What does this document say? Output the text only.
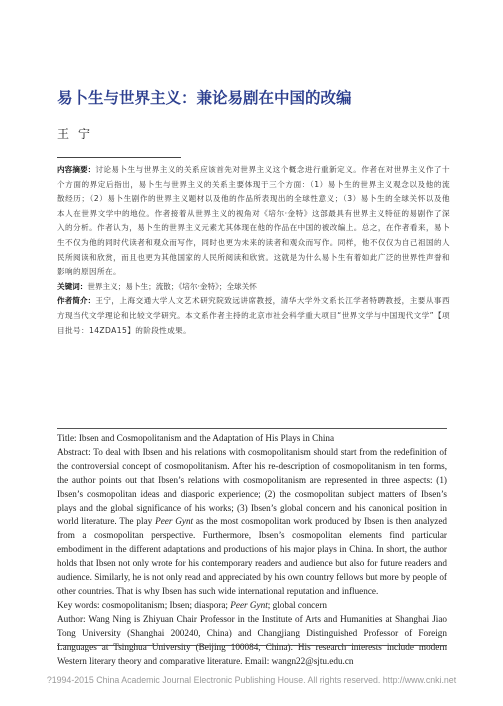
易卜生与世界主义：兼论易剧在中国的改编
王宁

内容摘要：讨论易卜生与世界主义的关系应该首先对世界主义这个概念进行重新定义。作者在对世界主义作了十个方面的界定后指出，易卜生与世界主义的关系主要体现于三个方面：（1）易卜生的世界主义观念以及他的流散经历；（2）易卜生剧作的世界主义题材以及他的作品所表现出的全球性意义；（3）易卜生的全球关怀以及他本人在世界文学中的地位。作者接着从世界主义的视角对《培尔·金特》这部最具有世界主义特征的易剧作了深入的分析。作者认为，易卜生的世界主义元素尤其体现在他的作品在中国的被改编上。总之，在作者看来，易卜生不仅为他的同时代读者和观众而写作，同时也更为未来的读者和观众而写作。同样，他不仅仅为自己祖国的人民所阅读和欣赏，而且也更为其他国家的人民所阅读和欣赏。这就是为什么易卜生有着如此广泛的世界性声誉和影响的原因所在。

关键词：世界主义；易卜生；流散；《培尔·金特》；全球关怀

作者简介：王宁，上海交通大学人文艺术研究院致远讲席教授，清华大学外文系长江学者特聘教授，主要从事西方现当代文学理论和比较文学研究。本文系作者主持的北京市社会科学重大项目“世界文学与中国现代文学”【项目批号：14ZDA15】的阶段性成果。

Title: Ibsen and Cosmopolitanism and the Adaptation of His Plays in China

Abstract: To deal with Ibsen and his relations with cosmopolitanism should start from the redefinition of the controversial concept of cosmopolitanism. After his re-description of cosmopolitanism in ten forms, the author points out that Ibsen’s relations with cosmopolitanism are represented in three aspects: (1) Ibsen’s cosmopolitan ideas and diasporic experience; (2) the cosmopolitan subject matters of Ibsen’s plays and the global significance of his works; (3) Ibsen’s global concern and his canonical position in world literature. The play Peer Gynt as the most cosmopolitan work produced by Ibsen is then analyzed from a cosmopolitan perspective. Furthermore, Ibsen’s cosmopolitan elements find particular embodiment in the different adaptations and productions of his major plays in China. In short, the author holds that Ibsen not only wrote for his contemporary readers and audience but also for future readers and audience. Similarly, he is not only read and appreciated by his own country fellows but more by people of other countries. That is why Ibsen has such wide international reputation and influence.

Key words: cosmopolitanism; Ibsen; diaspora; Peer Gynt; global concern

Author: Wang Ning is Zhiyuan Chair Professor in the Institute of Arts and Humanities at Shanghai Jiao Tong University (Shanghai 200240, China) and Changjiang Distinguished Professor of Foreign Languages at Tsinghua University (Beijing 100084, China). His research interests include modern Western literary theory and comparative literature. Email: wangn22@sjtu.edu.cn

?1994-2015 China Academic Journal Electronic Publishing House. All rights reserved. http://www.cnki.net
